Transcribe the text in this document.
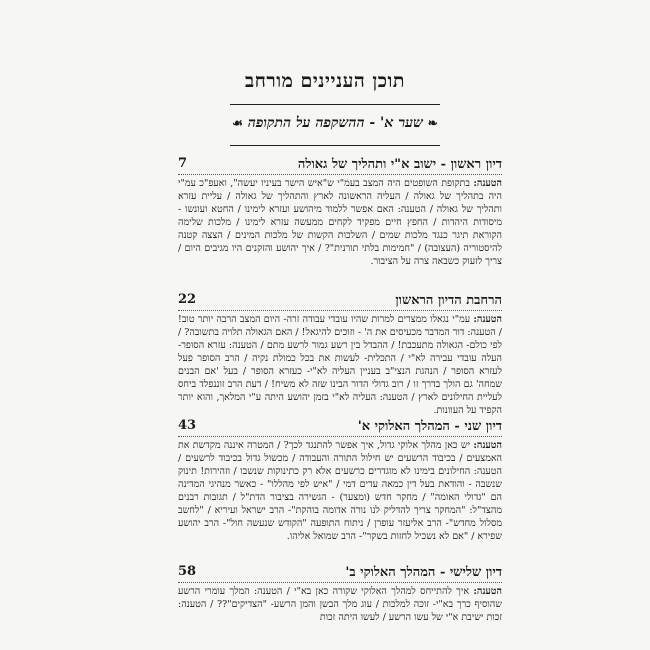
תוכן העניינים מורחב
❧ שער א' - ההשקפה על התקופה ☙
דיון ראשון - ישוב א"י ותהליך של גאולה
7
הטענה: בתקופת השופטים היה המצב בעמ"י ש"איש הישר בעיניו יעשה", ואעפ"כ עמ"י היה בתהליך של גאולה / העליה הראשונה לארץ והתהליך של גאולה / עליית עזרא ותהליך של גאולה / הטענה: האם אפשר ללמוד מיהושע ועזרא לימינו / החטא ועונשו - מיסודות היהדות / החפץ חיים מפקיד לקחים ממעשה עזרא לימינו / מלכות שלימה הקוראת תיגר כנגד מלכות שמים / השלכות הקשות של מלכות המינים / הצצה קטנה להיסטוריה (העצובה) / "חמימות בלתי תורנית"? / איך יהושע והזקנים היו מגיבים היום / צריך לזעוק כשבאה צרה על הציבור.
הרחבת הדיון הראשון
22
הטענה: עמ"י נגאלו ממצרים למרות שהיו עובדי עבודה זרה- היום המצב הרבה יותר טוב! / הטענה: דור המדבר מכעיסים את ה' - וזוכים להיגאל! / האם הגאולה תלויה בתשובה? / לפי כולם- הגאולה מתעכבת! / ההבדל בין רשע גמור לרשע מתם / הטענה: עזרא הסופר- העלה עובדי עבירה לא"י / התכלית- לעשות את בכל כמולת נקיה / הרב הסופר פעל לעזרא הסופר / הנהגת הנצי"ב בעניין העליה לא"י- כעזרא הסופר / בעל 'אם הבנים שמחה' גם הולך בדרך זו / רוב גדולי הדור הבינו שזה לא משיח! / דעת הרב זוננפלד ביחס לעליית החילונים לארץ / הטענה: העליה לא"י בזמן יהושע היתה ע"י המלאך, והוא יותר הקפיד על העוונות.
דיון שני - המהלך האלוקי א'
43
הטענה: יש כאן מהלך אלוקי גדול, איך אפשר להתנגד לכך? / המטרה איננה מקדשת את האמצעים / בכיבוד הרשעים יש חילול התורה והעבודה / מכשול גדול בכיבוד לרשעים / הטענה: החילונים בימינו לא מוגדרים כרשעים אלא רק כתינוקות שנשבו / וזהירות! תינוק שנשבה - והודאת בעל דין כמאה עדים דמי / "איש לפי מהללו" - כאשר מנהיגי המדינה הם "גדולי האומה" / מחקר חדש (ומצער) - הגשירה בציבור הדת"ל / תגובות רבנים מהצד"ל: "המחקר צריך להדליק לנו נורה אדומה בוהקת"- הרב ישראל ועיריא / "לחשב מסלול מחדש"- הרב אליעזר עופרן / ניתוח התופעה "הקודש שנעשה חול"- הרב יהושע שפירא / "אם לא נשכיל לחזות בשקר"- הרב שמואל אליהו.
דיון שלישי - המהלך האלוקי ב'
58
הטענה: איך להתייחס למהלך האלוקי שקורה כאן בא"י / הטענה: המלך עומרי הרשע שהוסיף כרך בא"י- זוכה למלכות / עוג מלך הבשן והמן הרשע- "הצדיקים"?? / הטענה: זכות ישיבת א"י של עשו הרשע / לעשו היתה זכות
